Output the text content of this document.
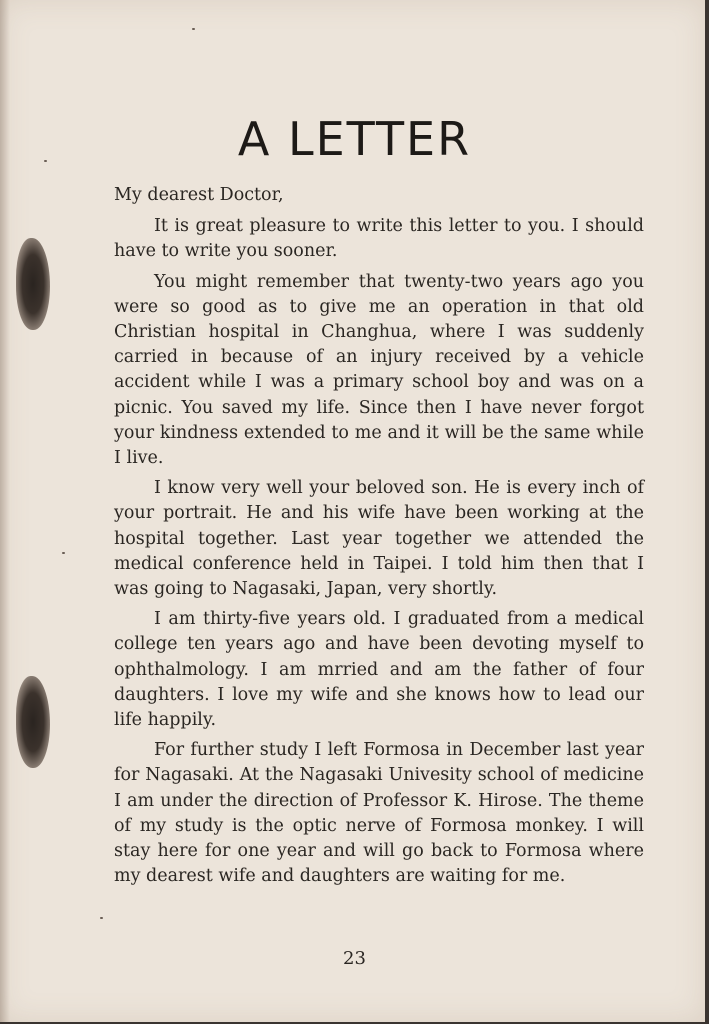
A LETTER

My dearest Doctor,

It is great pleasure to write this letter to you. I should have to write you sooner.

You might remember that twenty-two years ago you were so good as to give me an operation in that old Christian hospital in Changhua, where I was suddenly carried in because of an injury received by a vehicle accident while I was a primary school boy and was on a picnic. You saved my life. Since then I have never forgot your kindness extended to me and it will be the same while I live.

I know very well your beloved son. He is every inch of your portrait. He and his wife have been working at the hospital together. Last year together we attended the medical conference held in Taipei. I told him then that I was going to Nagasaki, Japan, very shortly.

I am thirty-five years old. I graduated from a medical college ten years ago and have been devoting myself to ophthalmology. I am mrried and am the father of four daughters. I love my wife and she knows how to lead our life happily.

For further study I left Formosa in December last year for Nagasaki. At the Nagasaki Univesity school of medicine I am under the direction of Professor K. Hirose. The theme of my study is the optic nerve of Formosa monkey. I will stay here for one year and will go back to Formosa where my dearest wife and daughters are waiting for me.

23
